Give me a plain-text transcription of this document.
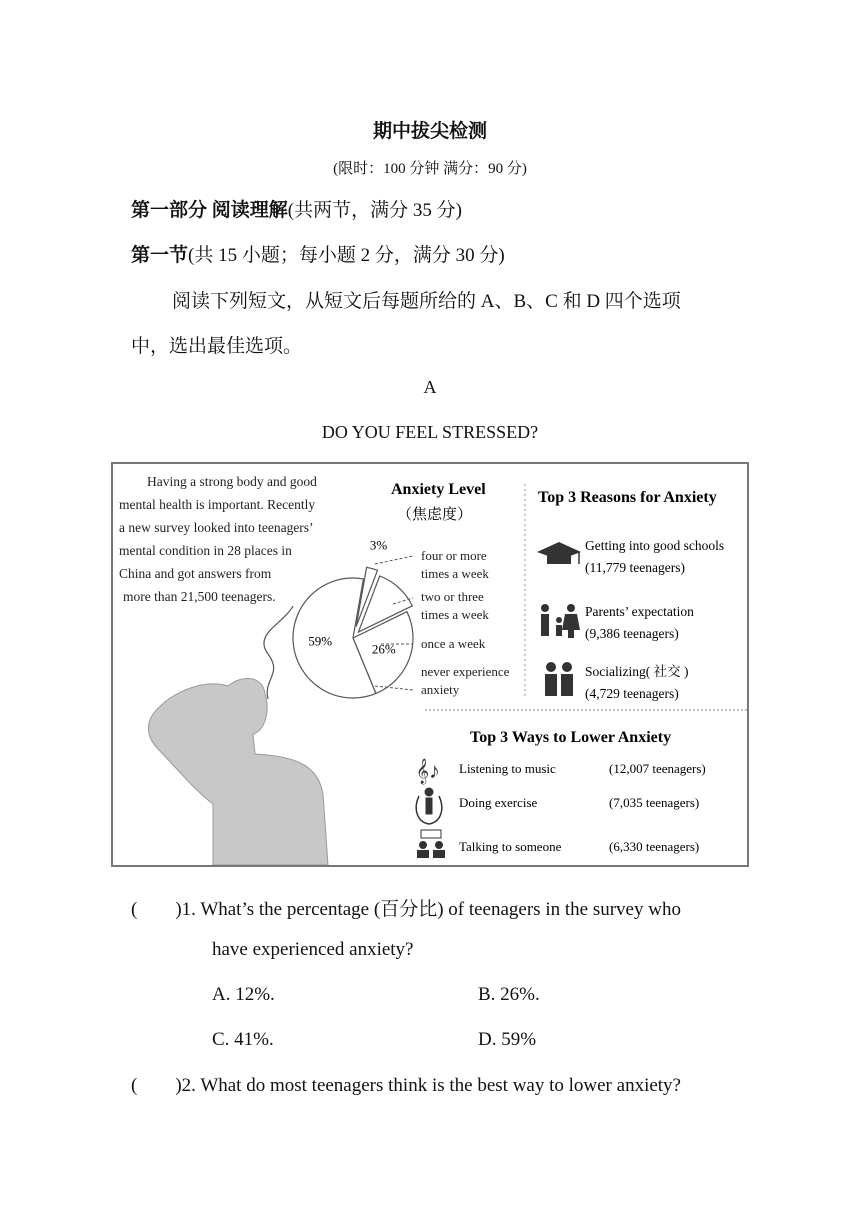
期中拔尖检测
(限时：100 分钟 满分：90 分)
第一部分 阅读理解(共两节，满分 35 分)
第一节(共 15 小题；每小题 2 分，满分 30 分)
阅读下列短文，从短文后每题所给的 A、B、C 和 D 四个选项
中，选出最佳选项。
A
DO YOU FEEL STRESSED?
Having a strong body and good
mental health is important. Recently
a new survey looked into teenagers’
mental condition in 28 places in
China and got answers from
more than 21,500 teenagers.
3%
26%
59%
Anxiety Level
（焦虑度）
four or more
times a week
two or three
times a week
once a week
never experience
anxiety
Top 3 Reasons for Anxiety
Getting into good schools
(11,779 teenagers)
Parents’ expectation
(9,386 teenagers)
Socializing( 社交 )
(4,729 teenagers)
Top 3 Ways to Lower Anxiety
𝄞♪ Listening to music	(12,007 teenagers)
Doing exercise	(7,035 teenagers)
Talking to someone	(6,330 teenagers)
(        )1. What’s the percentage (百分比) of teenagers in the survey who
have experienced anxiety?
A. 12%.	B. 26%.
C. 41%.	D. 59%
(        )2. What do most teenagers think is the best way to lower anxiety?
